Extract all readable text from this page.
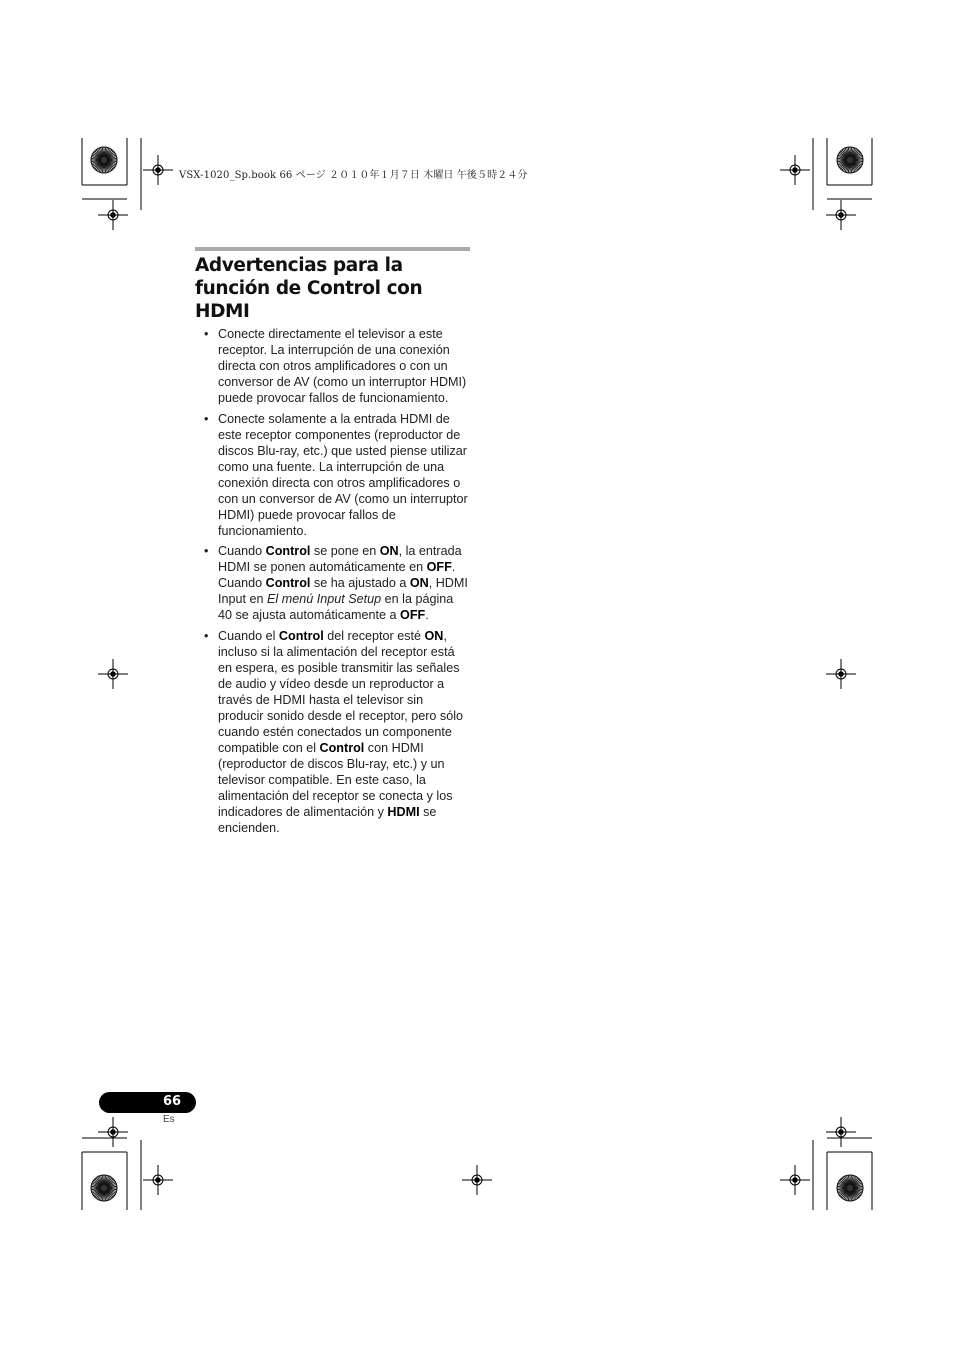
VSX-1020_Sp.book 66 ページ ２０１０年１月７日 木曜日 午後５時２４分
Advertencias para la función de Control con HDMI
• Conecte directamente el televisor a este receptor. La interrupción de una conexión directa con otros amplificadores o con un conversor de AV (como un interruptor HDMI) puede provocar fallos de funcionamiento.
• Conecte solamente a la entrada HDMI de este receptor componentes (reproductor de discos Blu-ray, etc.) que usted piense utilizar como una fuente. La interrupción de una conexión directa con otros amplificadores o con un conversor de AV (como un interruptor HDMI) puede provocar fallos de funcionamiento.
• Cuando Control se pone en ON, la entrada HDMI se ponen automáticamente en OFF. Cuando Control se ha ajustado a ON, HDMI Input en El menú Input Setup en la página 40 se ajusta automáticamente a OFF.
• Cuando el Control del receptor esté ON, incluso si la alimentación del receptor está en espera, es posible transmitir las señales de audio y vídeo desde un reproductor a través de HDMI hasta el televisor sin producir sonido desde el receptor, pero sólo cuando estén conectados un componente compatible con el Control con HDMI (reproductor de discos Blu-ray, etc.) y un televisor compatible. En este caso, la alimentación del receptor se conecta y los indicadores de alimentación y HDMI se encienden.
66
Es
